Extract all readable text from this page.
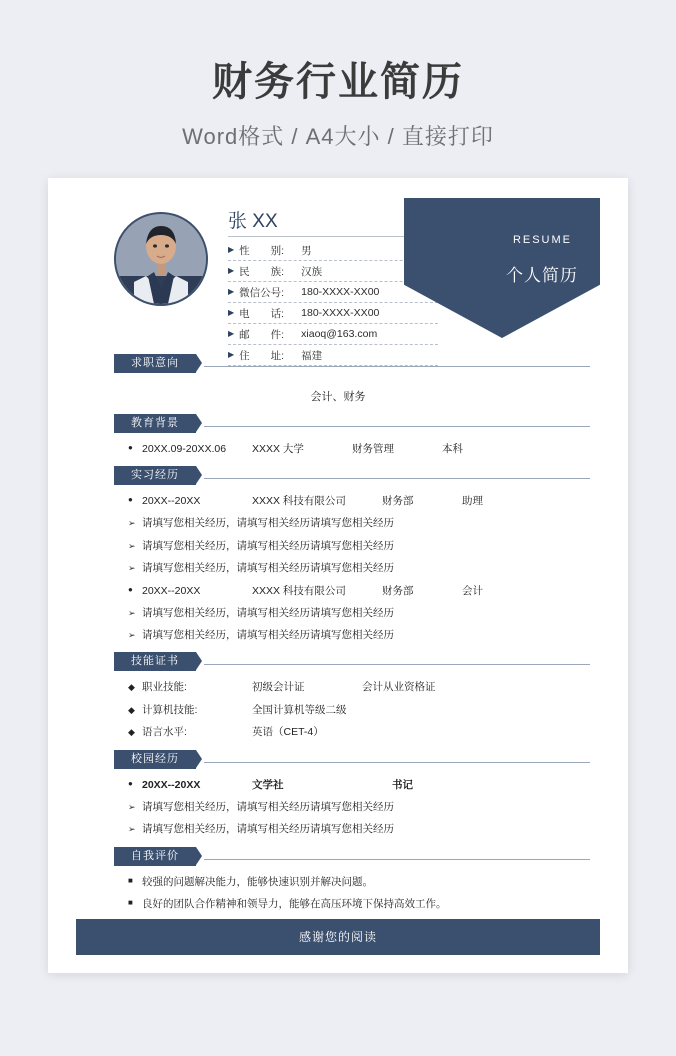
财务行业简历
Word格式 / A4大小 / 直接打印
张 XX
▶ 性　　别:	男
▶ 民　　族:	汉族
▶ 微信公号:	180-XXXX-XX00
▶ 电　　话:	180-XXXX-XX00
▶ 邮　　件:	xiaoq@163.com
▶ 住　　址:	福建
RESUME
个人简历
求职意向
会计、财务
教育背景
● 20XX.09-20XX.06	XXXX 大学	财务管理	本科
实习经历
● 20XX--20XX	XXXX 科技有限公司	财务部	助理
➢ 请填写您相关经历，请填写相关经历请填写您相关经历
➢ 请填写您相关经历，请填写相关经历请填写您相关经历
➢ 请填写您相关经历，请填写相关经历请填写您相关经历
● 20XX--20XX	XXXX 科技有限公司	财务部	会计
➢ 请填写您相关经历，请填写相关经历请填写您相关经历
➢ 请填写您相关经历，请填写相关经历请填写您相关经历
技能证书
◆ 职业技能:	初级会计证	会计从业资格证
◆ 计算机技能:	全国计算机等级二级
◆ 语言水平:	英语（CET-4）
校园经历
● 20XX--20XX	文学社	书记
➢ 请填写您相关经历，请填写相关经历请填写您相关经历
➢ 请填写您相关经历，请填写相关经历请填写您相关经历
自我评价
■ 较强的问题解决能力，能够快速识别并解决问题。
■ 良好的团队合作精神和领导力，能够在高压环境下保持高效工作。
感谢您的阅读
